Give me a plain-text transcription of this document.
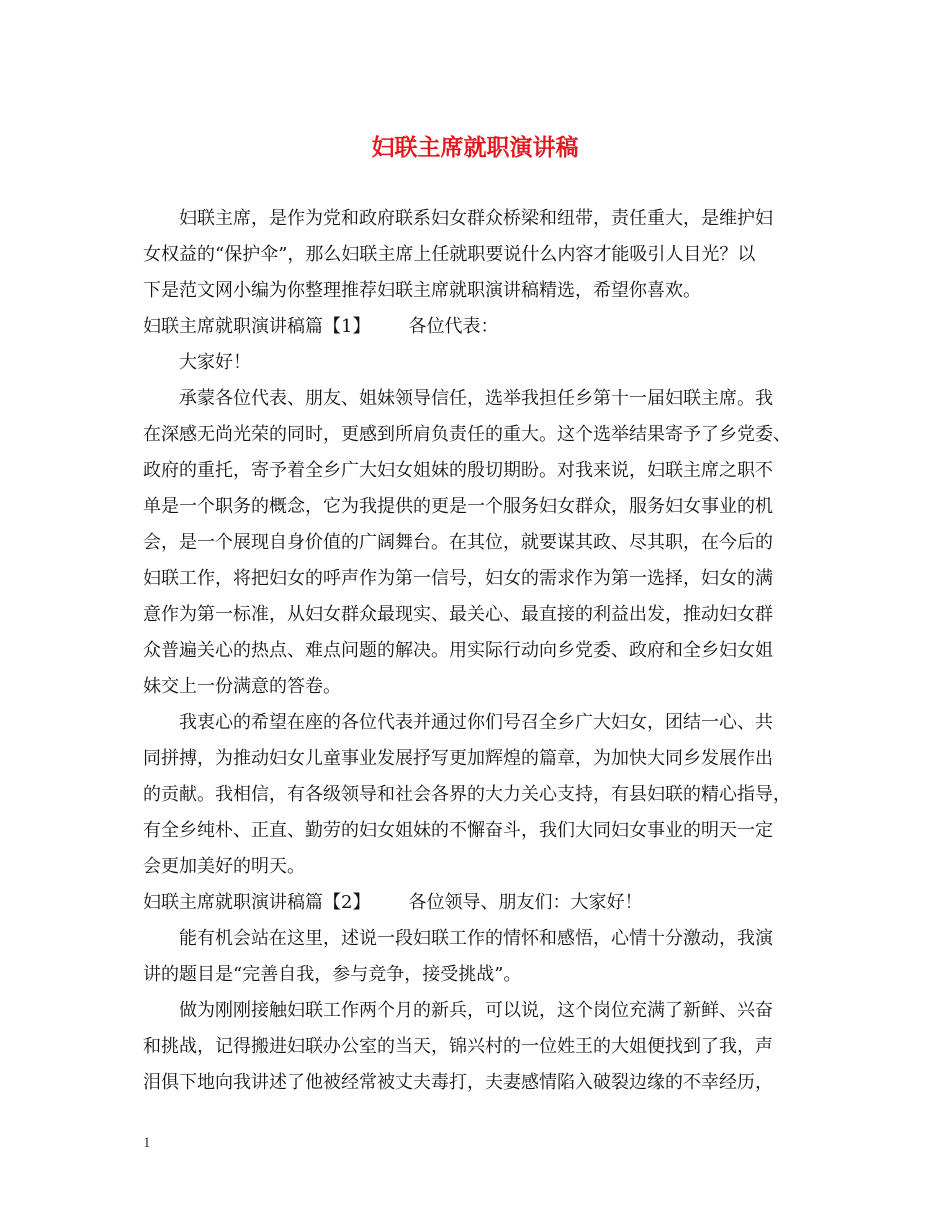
妇联主席就职演讲稿

妇联主席，是作为党和政府联系妇女群众桥梁和纽带，责任重大，是维护妇

女权益的“保护伞”，那么妇联主席上任就职要说什么内容才能吸引人目光？以

下是范文网小编为你整理推荐妇联主席就职演讲稿精选，希望你喜欢。

妇联主席就职演讲稿篇【1】 各位代表：

大家好！

承蒙各位代表、朋友、姐妹领导信任，选举我担任乡第十一届妇联主席。我

在深感无尚光荣的同时，更感到所肩负责任的重大。这个选举结果寄予了乡党委、

政府的重托，寄予着全乡广大妇女姐妹的殷切期盼。对我来说，妇联主席之职不

单是一个职务的概念，它为我提供的更是一个服务妇女群众，服务妇女事业的机

会，是一个展现自身价值的广阔舞台。在其位，就要谋其政、尽其职，在今后的

妇联工作，将把妇女的呼声作为第一信号，妇女的需求作为第一选择，妇女的满

意作为第一标准，从妇女群众最现实、最关心、最直接的利益出发，推动妇女群

众普遍关心的热点、难点问题的解决。用实际行动向乡党委、政府和全乡妇女姐

妹交上一份满意的答卷。

我衷心的希望在座的各位代表并通过你们号召全乡广大妇女，团结一心、共

同拼搏，为推动妇女儿童事业发展抒写更加辉煌的篇章，为加快大同乡发展作出

的贡献。我相信，有各级领导和社会各界的大力关心支持，有县妇联的精心指导，

有全乡纯朴、正直、勤劳的妇女姐妹的不懈奋斗，我们大同妇女事业的明天一定

会更加美好的明天。

妇联主席就职演讲稿篇【2】 各位领导、朋友们：大家好！

能有机会站在这里，述说一段妇联工作的情怀和感悟，心情十分激动，我演

讲的题目是“完善自我，参与竞争，接受挑战”。

做为刚刚接触妇联工作两个月的新兵，可以说，这个岗位充满了新鲜、兴奋

和挑战，记得搬进妇联办公室的当天，锦兴村的一位姓王的大姐便找到了我，声

泪俱下地向我讲述了他被经常被丈夫毒打，夫妻感情陷入破裂边缘的不幸经历，

1
